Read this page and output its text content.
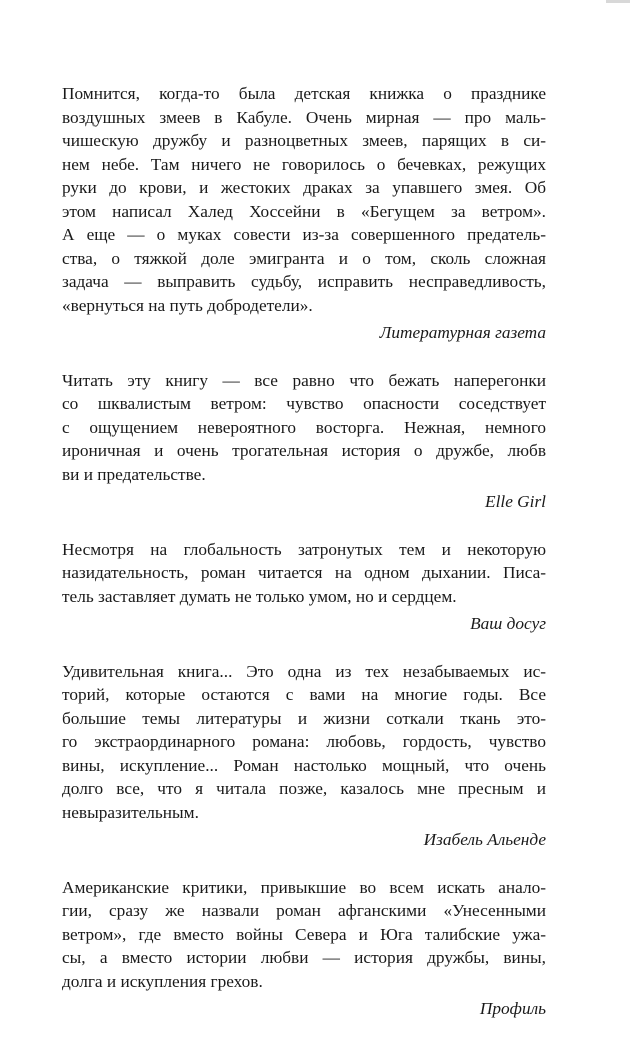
Помнится, когда-то была детская книжка о празднике
воздушных змеев в Кабуле. Очень мирная — про маль-
чишескую дружбу и разноцветных змеев, парящих в си-
нем небе. Там ничего не говорилось о бечевках, режущих
руки до крови, и жестоких драках за упавшего змея. Об
этом написал Халед Хоссейни в «Бегущем за ветром».
А еще — о муках совести из-за совершенного предатель-
ства, о тяжкой доле эмигранта и о том, сколь сложная
задача — выправить судьбу, исправить несправедливость,
«вернуться на путь добродетели».
Литературная газета
Читать эту книгу — все равно что бежать наперегонки
со шквалистым ветром: чувство опасности соседствует
с ощущением невероятного восторга. Нежная, немного
ироничная и очень трогательная история о дружбе, любв
ви и предательстве.
Elle Girl
Несмотря на глобальность затронутых тем и некоторую
назидательность, роман читается на одном дыхании. Писа-
тель заставляет думать не только умом, но и сердцем.
Ваш досуг
Удивительная книга... Это одна из тех незабываемых ис-
торий, которые остаются с вами на многие годы. Все
большие темы литературы и жизни соткали ткань это-
го экстраординарного романа: любовь, гордость, чувство
вины, искупление... Роман настолько мощный, что очень
долго все, что я читала позже, казалось мне пресным и
невыразительным.
Изабель Альенде
Американские критики, привыкшие во всем искать анало-
гии, сразу же назвали роман афганскими «Унесенными
ветром», где вместо войны Севера и Юга талибские ужа-
сы, а вместо истории любви — история дружбы, вины,
долга и искупления грехов.
Профиль
